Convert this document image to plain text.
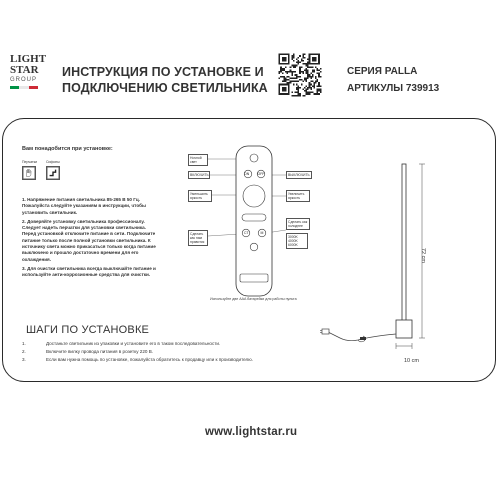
LIGHT
STAR
GROUP
ИНСТРУКЦИЯ ПО УСТАНОВКЕ И
ПОДКЛЮЧЕНИЮ СВЕТИЛЬНИКА
СЕРИЯ PALLA
АРТИКУЛЫ 739913
Вам понадобится при установке:
Перчатки	Сифоны

1. Напряжение питания светильника 85-265 В 50 Гц. Пожалуйста следуйте указаниям в инструкции, чтобы установить светильник.

2. Доверяйте установку светильника профессионалу. Следует надеть перчатки для установки светильника. Перед установкой отключите питание в сети. Подключите питание только после полной установки светильника. К источнику света можно прикасаться только когда питание выключено и прошло достаточно времени для его охлаждения.

3. Для очистки светильника всегда выключайте питание и используйте анти-коррозионные средства для очистки.

ON OFF
CT	M
Ночной свет
ВКЛЮЧИТЬ	ВЫКЛЮЧИТЬ
Уменьшить яркость
Увеличить яркость
Сделать как нам нравится
Сделать как холоднее
3000K 4000K 6000K
Используйте две AAA батарейки для работы пульта
72 cm
10 cm
ШАГИ ПО УСТАНОВКЕ
1.	Достаньте светильник из упаковки и установите его в таком последовательности.
2.	Включите вилку провода питания в розетку 220 В.
3.	Если вам нужна помощь по установке, пожалуйста обратитесь к продавцу или к производителю.
www.lightstar.ru
